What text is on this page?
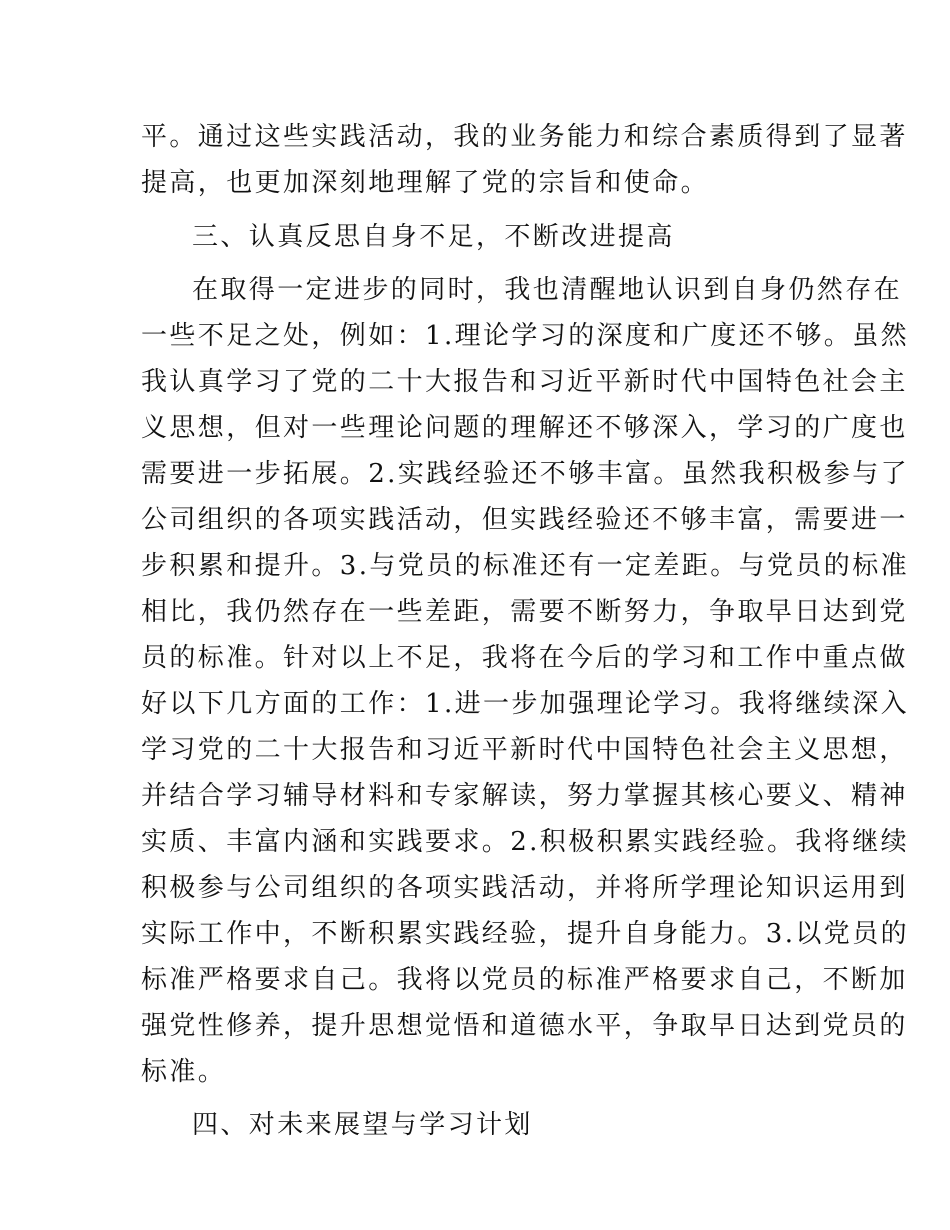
平。通过这些实践活动，我的业务能力和综合素质得到了显著
提高，也更加深刻地理解了党的宗旨和使命。
三、认真反思自身不足，不断改进提高
在取得一定进步的同时，我也清醒地认识到自身仍然存在
一些不足之处，例如：1.理论学习的深度和广度还不够。虽然
我认真学习了党的二十大报告和习近平新时代中国特色社会主
义思想，但对一些理论问题的理解还不够深入，学习的广度也
需要进一步拓展。2.实践经验还不够丰富。虽然我积极参与了
公司组织的各项实践活动，但实践经验还不够丰富，需要进一
步积累和提升。3.与党员的标准还有一定差距。与党员的标准
相比，我仍然存在一些差距，需要不断努力，争取早日达到党
员的标准。针对以上不足，我将在今后的学习和工作中重点做
好以下几方面的工作：1.进一步加强理论学习。我将继续深入
学习党的二十大报告和习近平新时代中国特色社会主义思想，
并结合学习辅导材料和专家解读，努力掌握其核心要义、精神
实质、丰富内涵和实践要求。2.积极积累实践经验。我将继续
积极参与公司组织的各项实践活动，并将所学理论知识运用到
实际工作中，不断积累实践经验，提升自身能力。3.以党员的
标准严格要求自己。我将以党员的标准严格要求自己，不断加
强党性修养，提升思想觉悟和道德水平，争取早日达到党员的
标准。
四、对未来展望与学习计划
